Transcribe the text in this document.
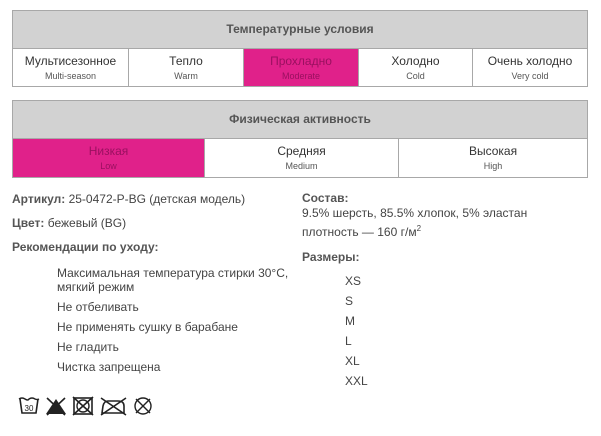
Температурные условия
Мультисезонное
Multi-season
Тепло
Warm
Прохладно
Moderate
Холодно
Cold
Очень холодно
Very cold
Физическая активность
Низкая
Low
Средняя
Medium
Высокая
High
Артикул: 25-0472-P-BG (детская модель)
Цвет: бежевый (BG)
Рекомендации по уходу:
Максимальная температура стирки 30°С,
мягкий режим
Не отбеливать
Не применять сушку в барабане
Не гладить
Чистка запрещена
Состав:
9.5% шерсть, 85.5% хлопок, 5% эластан
плотность — 160 $г/м^2$
Размеры:
XS
S
M
L
XL
XXL
30
